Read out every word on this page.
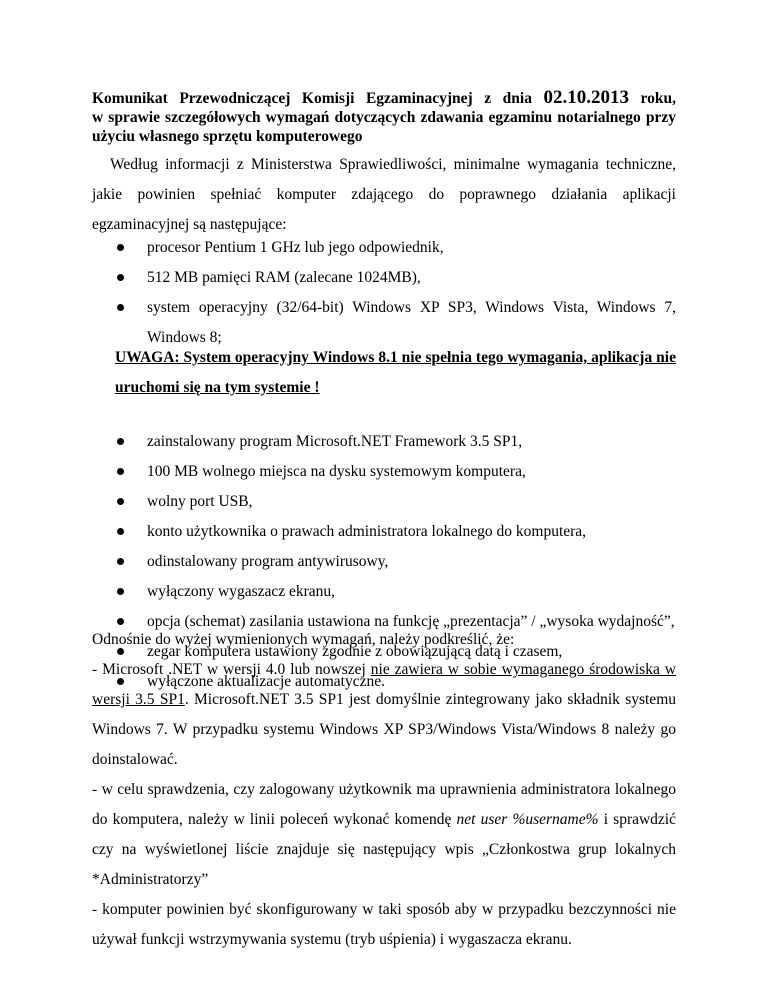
Komunikat Przewodniczącej Komisji Egzaminacyjnej z dnia 02.10.2013 roku,
w sprawie szczegółowych wymagań dotyczących zdawania egzaminu notarialnego przy użyciu własnego sprzętu komputerowego
Według informacji z Ministerstwa Sprawiedliwości, minimalne wymagania techniczne, jakie powinien spełniać komputer zdającego do poprawnego działania aplikacji egzaminacyjnej są następujące:
procesor Pentium 1 GHz lub jego odpowiednik,
512 MB pamięci RAM (zalecane 1024MB),
system operacyjny (32/64-bit) Windows XP SP3, Windows Vista, Windows 7, Windows 8;
UWAGA: System operacyjny Windows 8.1 nie spełnia tego wymagania, aplikacja nie uruchomi się na tym systemie !
zainstalowany program Microsoft.NET Framework 3.5 SP1,
100 MB wolnego miejsca na dysku systemowym komputera,
wolny port USB,
konto użytkownika o prawach administratora lokalnego do komputera,
odinstalowany program antywirusowy,
wyłączony wygaszacz ekranu,
opcja (schemat) zasilania ustawiona na funkcję „prezentacja” / „wysoka wydajność”,
zegar komputera ustawiony zgodnie z obowiązującą datą i czasem,
wyłączone aktualizacje automatyczne.

Odnośnie do wyżej wymienionych wymagań, należy podkreślić, że:

- Microsoft .NET w wersji 4.0 lub nowszej nie zawiera w sobie wymaganego środowiska w wersji 3.5 SP1. Microsoft.NET 3.5 SP1 jest domyślnie zintegrowany jako składnik systemu Windows 7. W przypadku systemu Windows XP SP3/Windows Vista/Windows 8 należy go doinstalować.

- w celu sprawdzenia, czy zalogowany użytkownik ma uprawnienia administratora lokalnego do komputera, należy w linii poleceń wykonać komendę net user %username% i sprawdzić czy na wyświetlonej liście znajduje się następujący wpis „Członkostwa grup lokalnych *Administratorzy”

- komputer powinien być skonfigurowany w taki sposób aby w przypadku bezczynności nie używał funkcji wstrzymywania systemu (tryb uśpienia) i wygaszacza ekranu.
